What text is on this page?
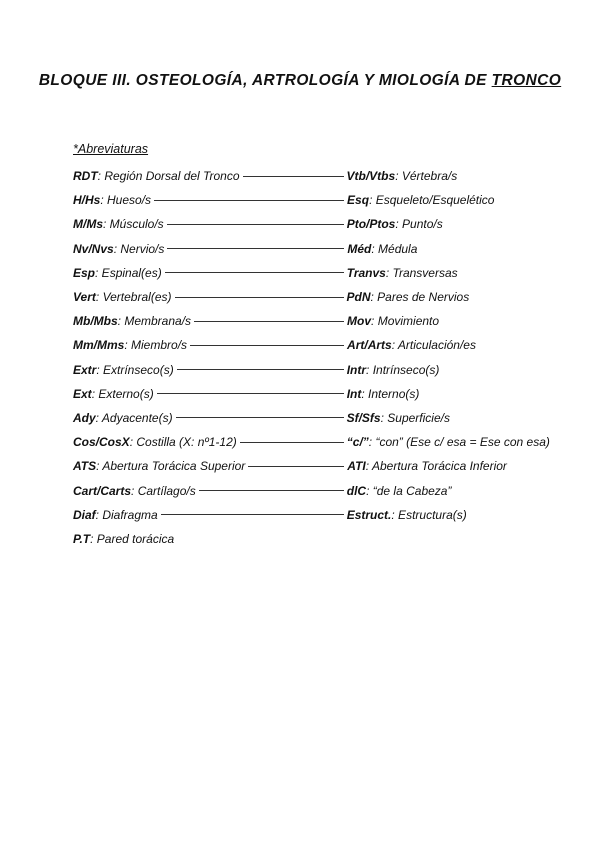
BLOQUE III. OSTEOLOGÍA, ARTROLOGÍA Y MIOLOGÍA DE TRONCO
*Abreviaturas
RDT : Región Dorsal del Tronco	Vtb/Vtbs : Vértebra/s
H/Hs : Hueso/s	Esq : Esqueleto/Esquelético
M/Ms : Músculo/s	Pto/Ptos : Punto/s
Nv/Nvs : Nervio/s	Méd : Médula
Esp : Espinal(es)	Tranvs : Transversas
Vert : Vertebral(es)	PdN : Pares de Nervios
Mb/Mbs : Membrana/s	Mov : Movimiento
Mm/Mms : Miembro/s	Art/Arts : Articulación/es
Extr : Extrínseco(s)	Intr : Intrínseco(s)
Ext : Externo(s)	Int : Interno(s)
Ady : Adyacente(s)	Sf/Sfs : Superficie/s
Cos/CosX : Costilla (X: nº1-12)	“c/” : “con” (Ese c/ esa = Ese con esa)
ATS : Abertura Torácica Superior	ATI : Abertura Torácica Inferior
Cart/Carts : Cartílago/s	dlC : “de la Cabeza”
Diaf : Diafragma	Estruct. : Estructura(s)
P.T : Pared torácica
